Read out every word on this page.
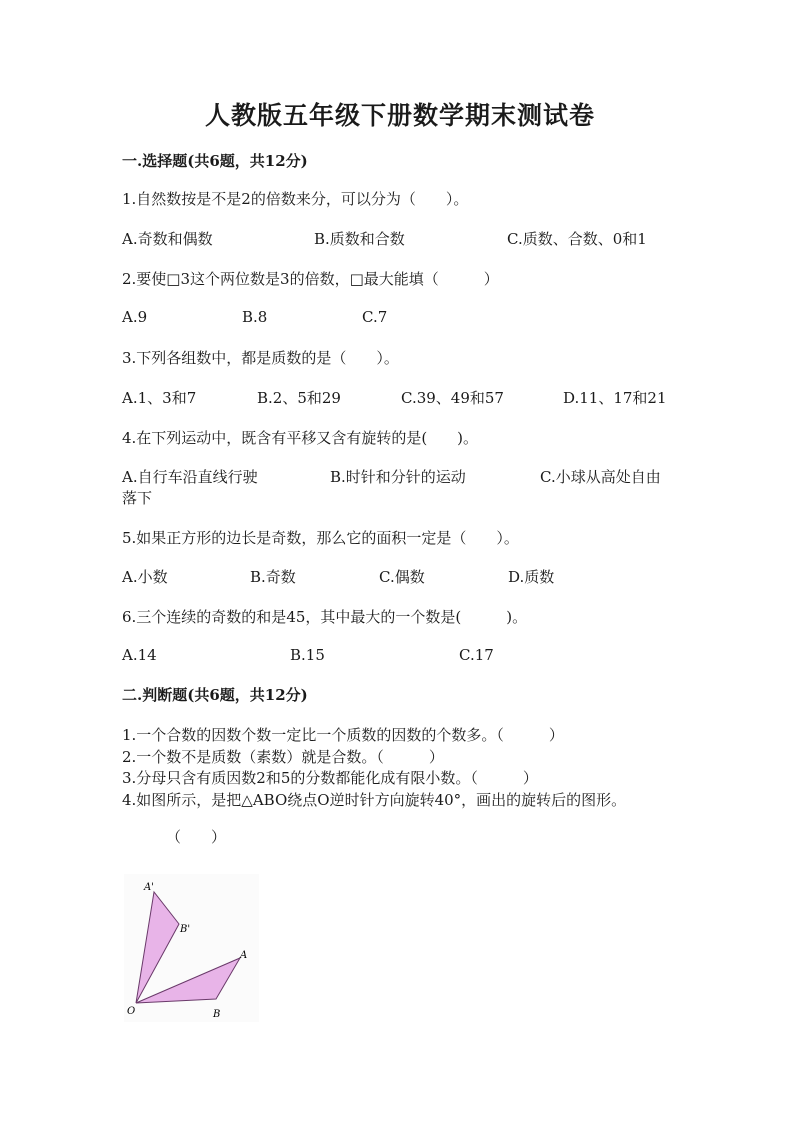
人教版五年级下册数学期末测试卷
一.选择题(共6题，共12分)
1.自然数按是不是2的倍数来分，可以分为（　　）。
A.奇数和偶数	B.质数和合数	C.质数、合数、0和1
2.要使□3这个两位数是3的倍数，□最大能填（　　　）
A.9	B.8	C.7
3.下列各组数中，都是质数的是（　　）。
A.1、3和7	B.2、5和29	C.39、49和57	D.11、17和21
4.在下列运动中，既含有平移又含有旋转的是(　　)。
A.自行车沿直线行驶	B.时针和分针的运动	C.小球从高处自由
落下
5.如果正方形的边长是奇数，那么它的面积一定是（　　）。
A.小数	B.奇数	C.偶数	D.质数
6.三个连续的奇数的和是45，其中最大的一个数是(　　　)。
A.14	B.15	C.17
二.判断题(共6题，共12分)
1.一个合数的因数个数一定比一个质数的因数的个数多。（　　　）
2.一个数不是质数（素数）就是合数。（　　　）
3.分母只含有质因数2和5的分数都能化成有限小数。（　　　）
4.如图所示，是把△ABO绕点O逆时针方向旋转40°，画出的旋转后的图形。
（　　）
A'
B'
A
O	B
